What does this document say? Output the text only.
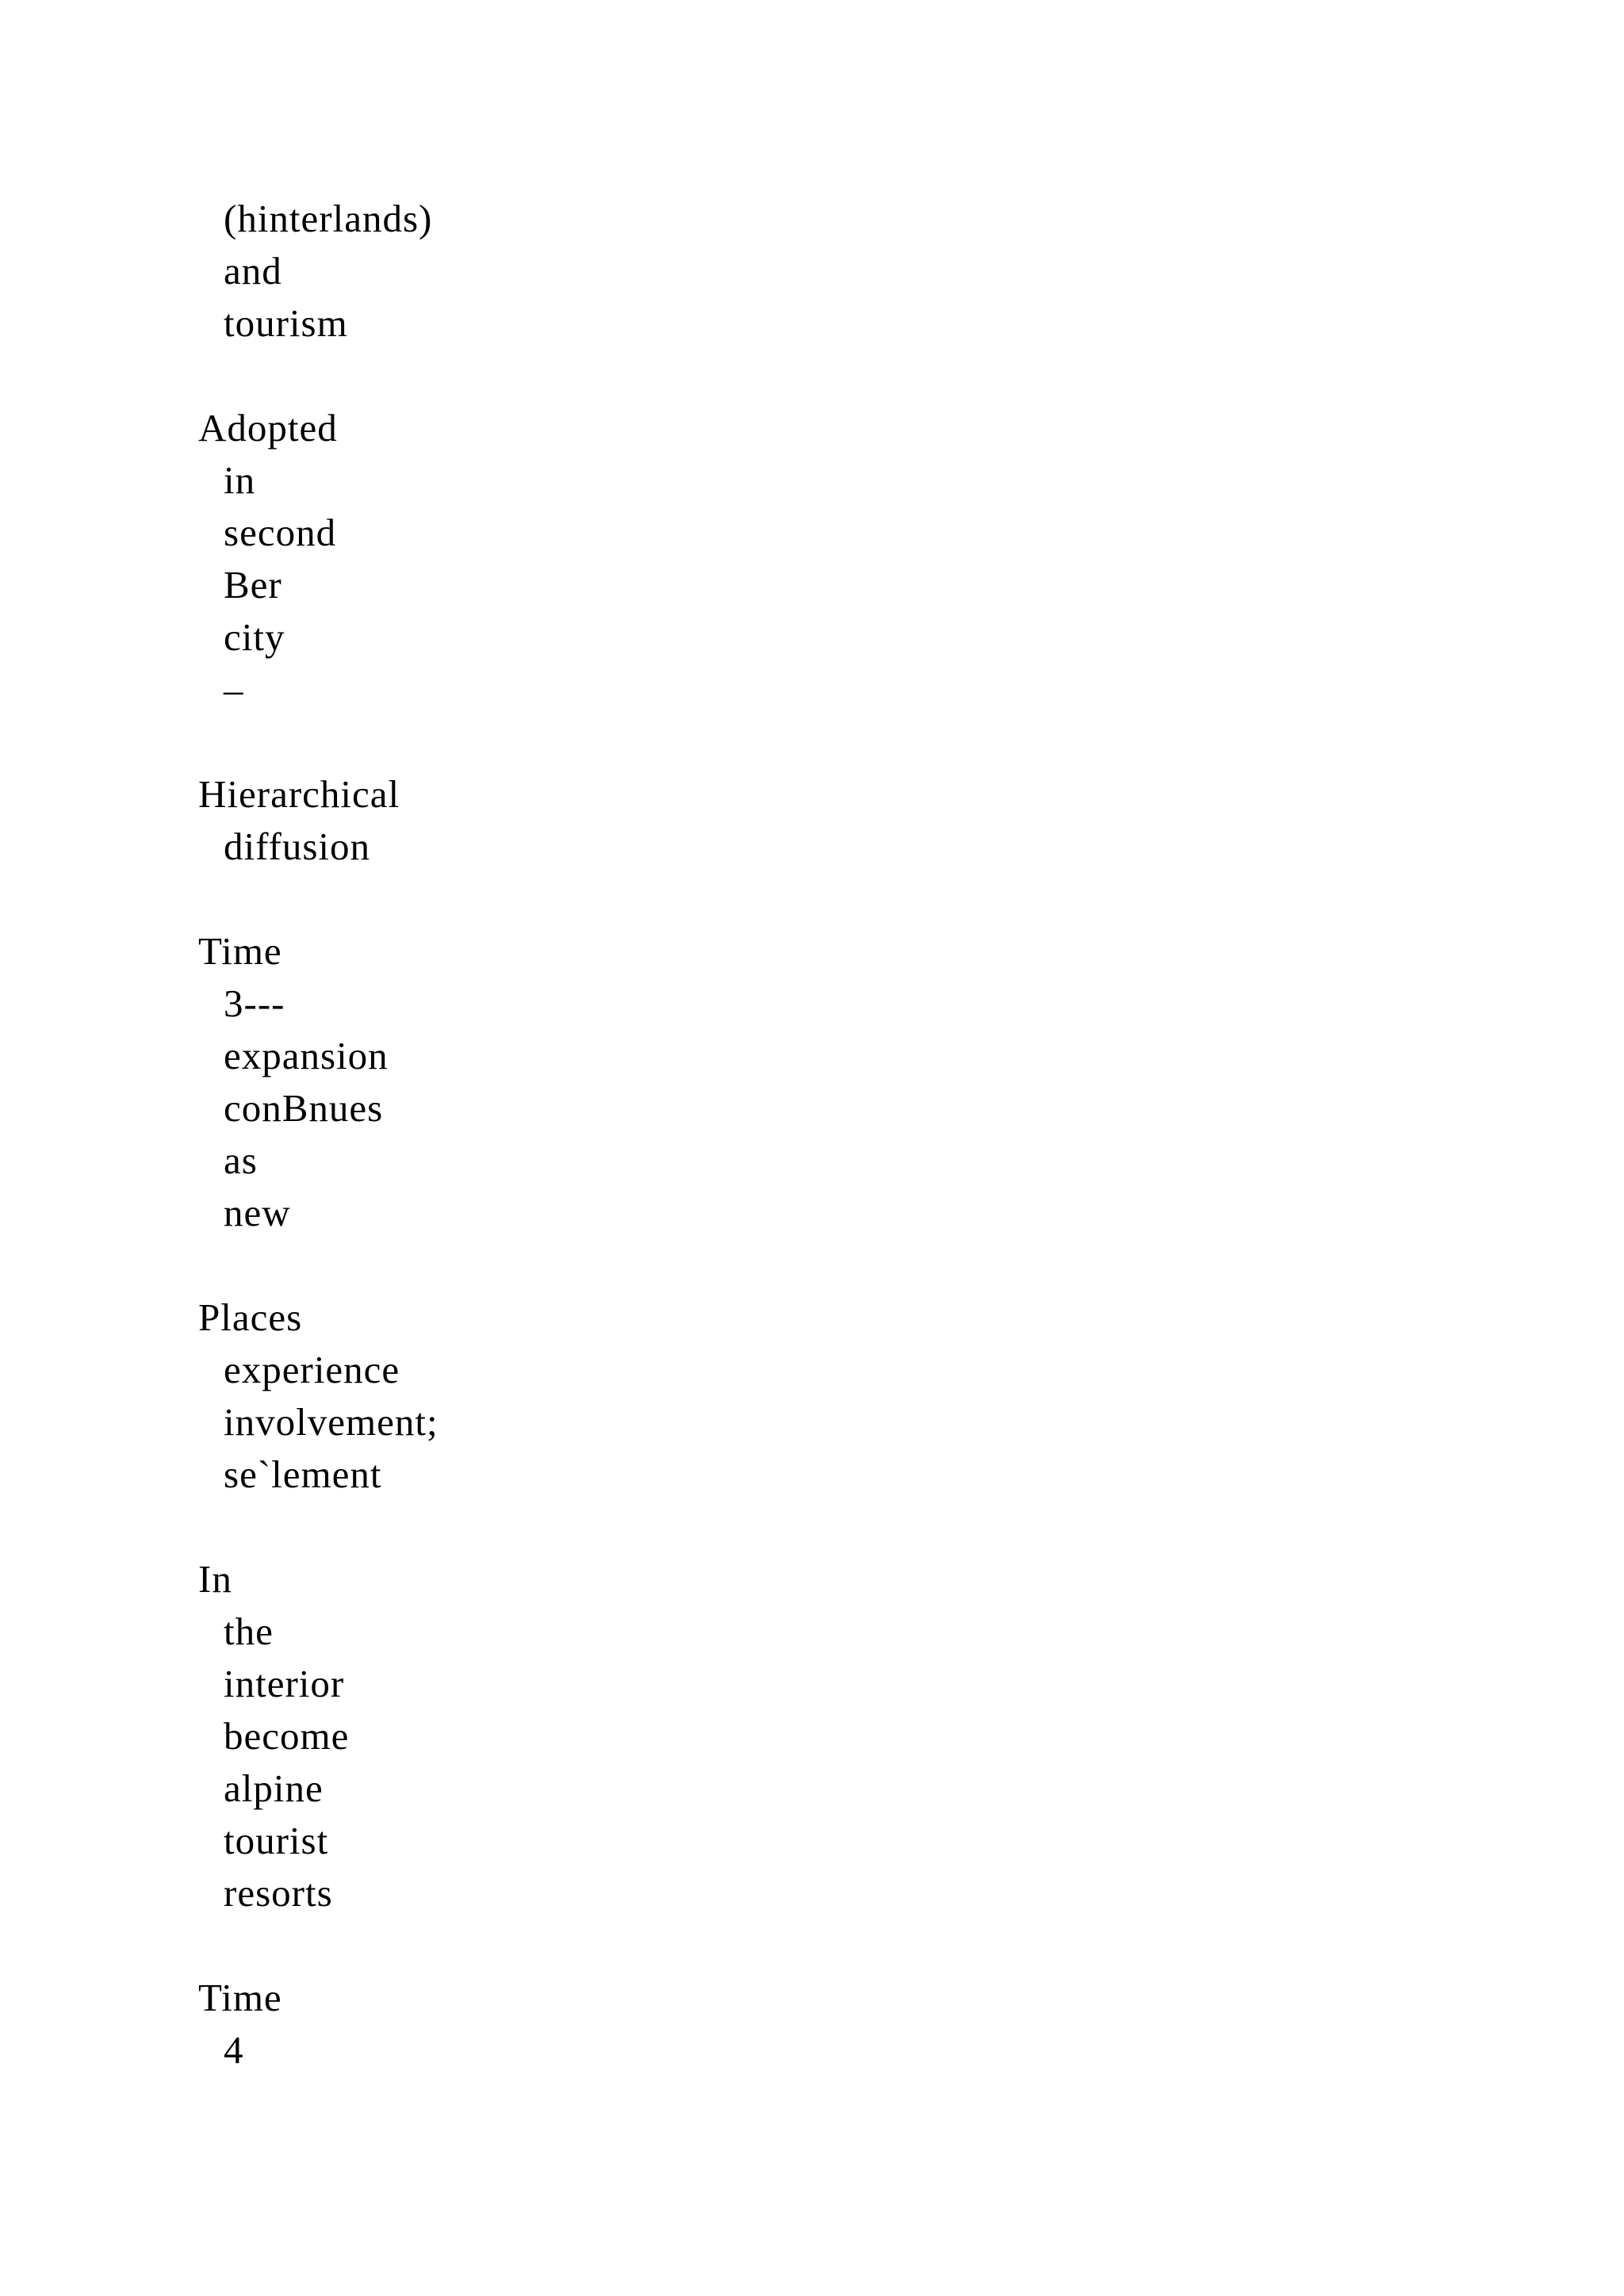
(hinterlands)
and
tourism
Adopted
in
second
Ber
city
–
Hierarchical
diffusion
Time
3---
expansion
conBnues
as
new
Places
experience
involvement;
se`lement
In
the
interior
become
alpine
tourist
resorts
Time
4
